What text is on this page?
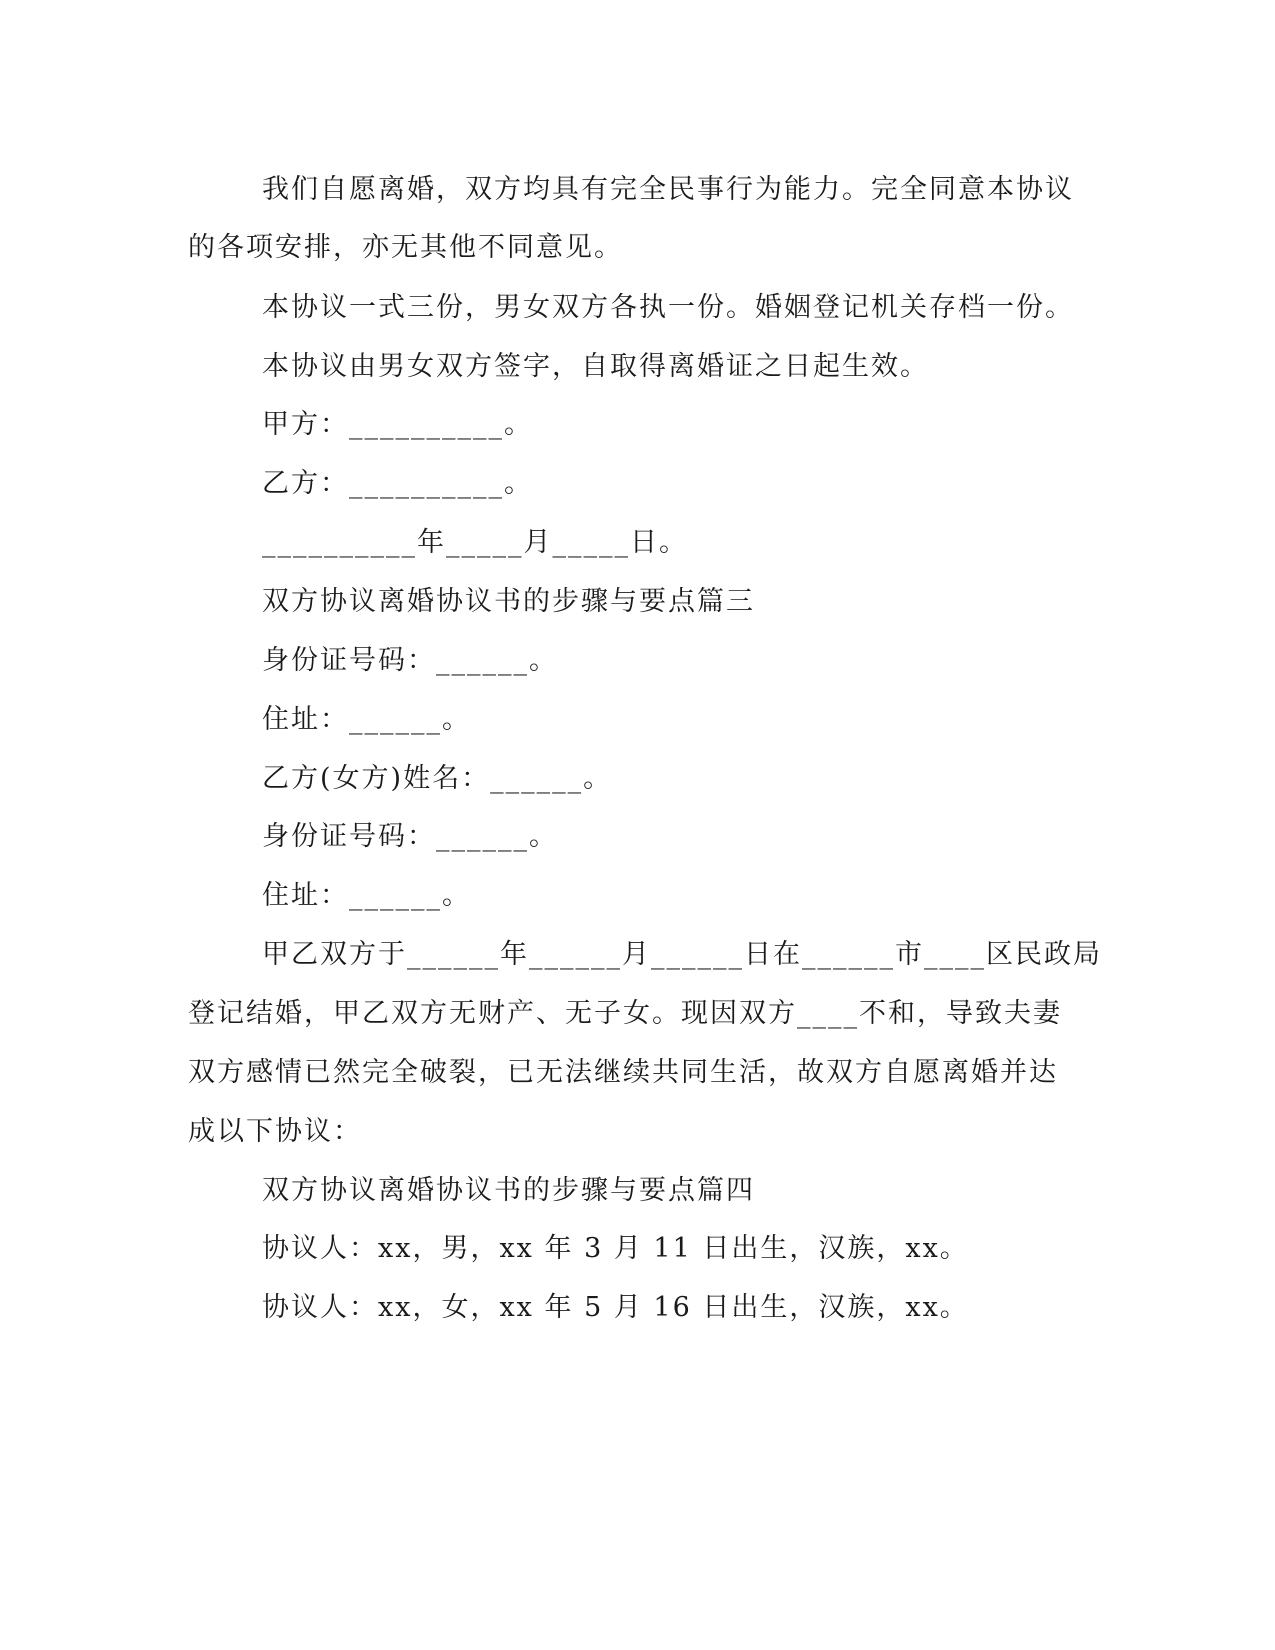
我们自愿离婚，双方均具有完全民事行为能力。完全同意本协议
的各项安排，亦无其他不同意见。
本协议一式三份，男女双方各执一份。婚姻登记机关存档一份。
本协议由男女双方签字，自取得离婚证之日起生效。
甲方：__________。
乙方：__________。
__________年_____月_____日。
双方协议离婚协议书的步骤与要点篇三
身份证号码：______。
住址：______。
乙方(女方)姓名：______。
身份证号码：______。
住址：______。
甲乙双方于______年______月______日在______市____区民政局
登记结婚，甲乙双方无财产、无子女。现因双方____不和，导致夫妻
双方感情已然完全破裂，已无法继续共同生活，故双方自愿离婚并达
成以下协议：
双方协议离婚协议书的步骤与要点篇四
协议人：xx，男，xx 年 3 月 11 日出生，汉族，xx。
协议人：xx，女，xx 年 5 月 16 日出生，汉族，xx。
